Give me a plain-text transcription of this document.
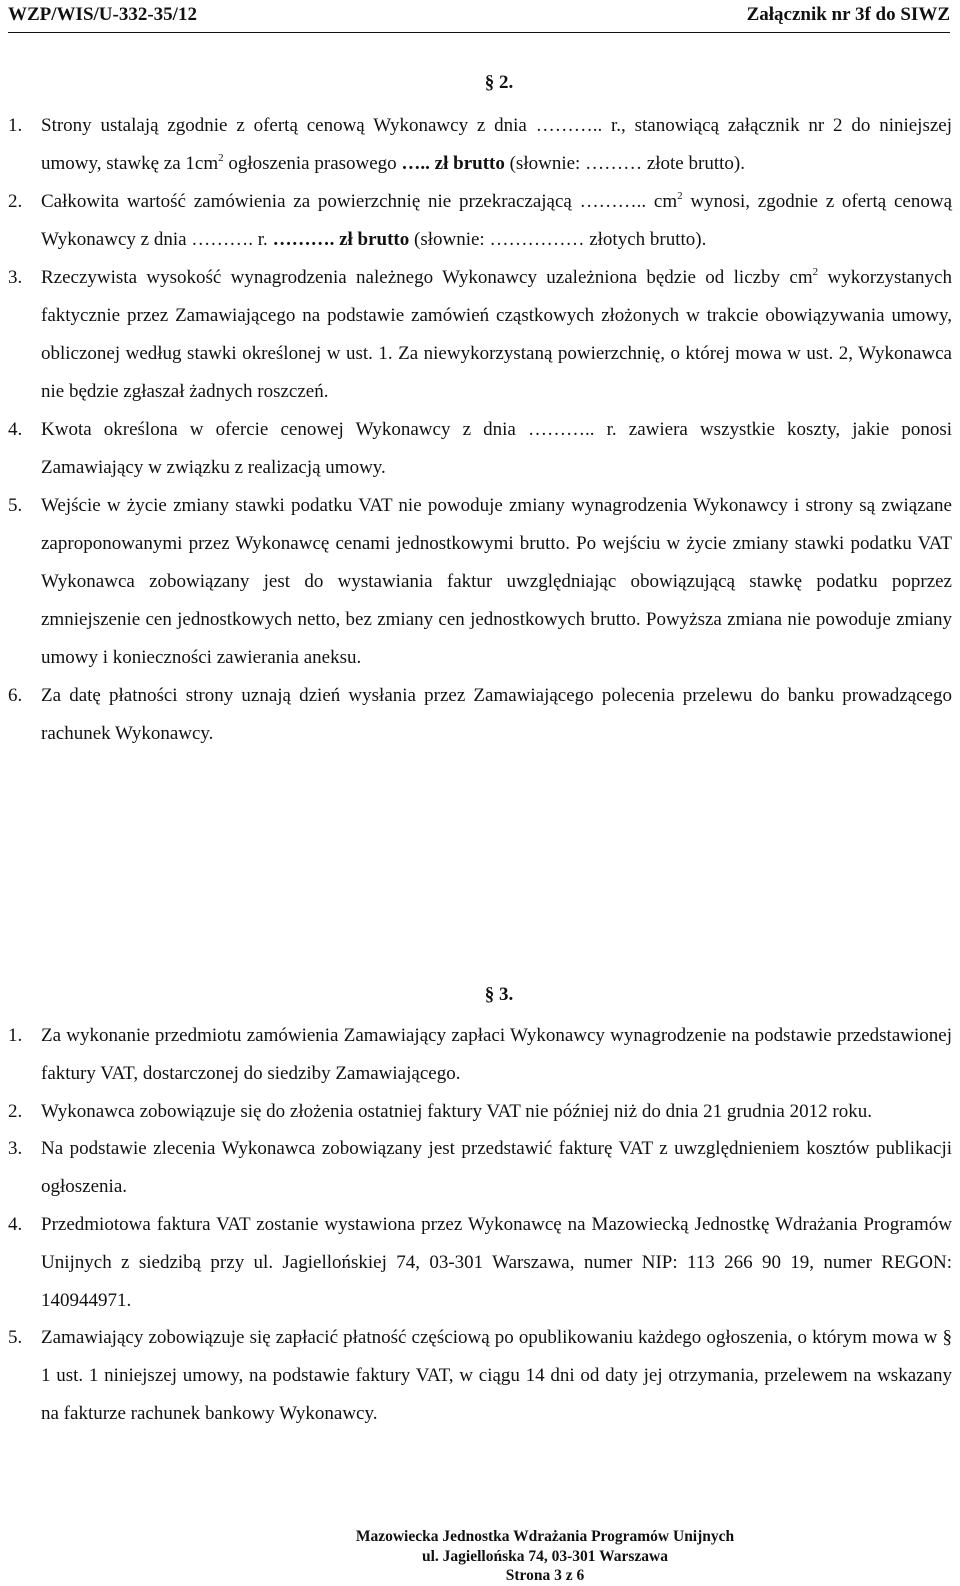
WZP/WIS/U-332-35/12	Załącznik nr 3f do SIWZ
§ 2.
1. Strony ustalają zgodnie z ofertą cenową Wykonawcy z dnia ……….. r., stanowiącą załącznik nr 2 do niniejszej umowy, stawkę za $1cm^2$ ogłoszenia prasowego ….. zł brutto (słownie: ……… złote brutto).
2. Całkowita wartość zamówienia za powierzchnię nie przekraczającą ……….. $cm^2$ wynosi, zgodnie z ofertą cenową Wykonawcy z dnia ………. r. ………. zł brutto (słownie: …………… złotych brutto).
3. Rzeczywista wysokość wynagrodzenia należnego Wykonawcy uzależniona będzie od liczby $cm^2$ wykorzystanych faktycznie przez Zamawiającego na podstawie zamówień cząstkowych złożonych w trakcie obowiązywania umowy, obliczonej według stawki określonej w ust. 1. Za niewykorzystaną powierzchnię, o której mowa w ust. 2, Wykonawca nie będzie zgłaszał żadnych roszczeń.
4. Kwota określona w ofercie cenowej Wykonawcy z dnia ……….. r. zawiera wszystkie koszty, jakie ponosi Zamawiający w związku z realizacją umowy.
5. Wejście w życie zmiany stawki podatku VAT nie powoduje zmiany wynagrodzenia Wykonawcy i strony są związane zaproponowanymi przez Wykonawcę cenami jednostkowymi brutto. Po wejściu w życie zmiany stawki podatku VAT Wykonawca zobowiązany jest do wystawiania faktur uwzględniając obowiązującą stawkę podatku poprzez zmniejszenie cen jednostkowych netto, bez zmiany cen jednostkowych brutto. Powyższa zmiana nie powoduje zmiany umowy i konieczności zawierania aneksu.
6. Za datę płatności strony uznają dzień wysłania przez Zamawiającego polecenia przelewu do banku prowadzącego rachunek Wykonawcy.
§ 3.
1. Za wykonanie przedmiotu zamówienia Zamawiający zapłaci Wykonawcy wynagrodzenie na podstawie przedstawionej faktury VAT, dostarczonej do siedziby Zamawiającego.
2. Wykonawca zobowiązuje się do złożenia ostatniej faktury VAT nie później niż do dnia 21 grudnia 2012 roku.
3. Na podstawie zlecenia Wykonawca zobowiązany jest przedstawić fakturę VAT z uwzględnieniem kosztów publikacji ogłoszenia.
4. Przedmiotowa faktura VAT zostanie wystawiona przez Wykonawcę na Mazowiecką Jednostkę Wdrażania Programów Unijnych z siedzibą przy ul. Jagiellońskiej 74, 03-301 Warszawa, numer NIP: 113 266 90 19, numer REGON: 140944971.
5. Zamawiający zobowiązuje się zapłacić płatność częściową po opublikowaniu każdego ogłoszenia, o którym mowa w § 1 ust. 1 niniejszej umowy, na podstawie faktury VAT, w ciągu 14 dni od daty jej otrzymania, przelewem na wskazany na fakturze rachunek bankowy Wykonawcy.
Mazowiecka Jednostka Wdrażania Programów Unijnych
ul. Jagiellońska 74, 03-301 Warszawa
Strona 3 z 6
